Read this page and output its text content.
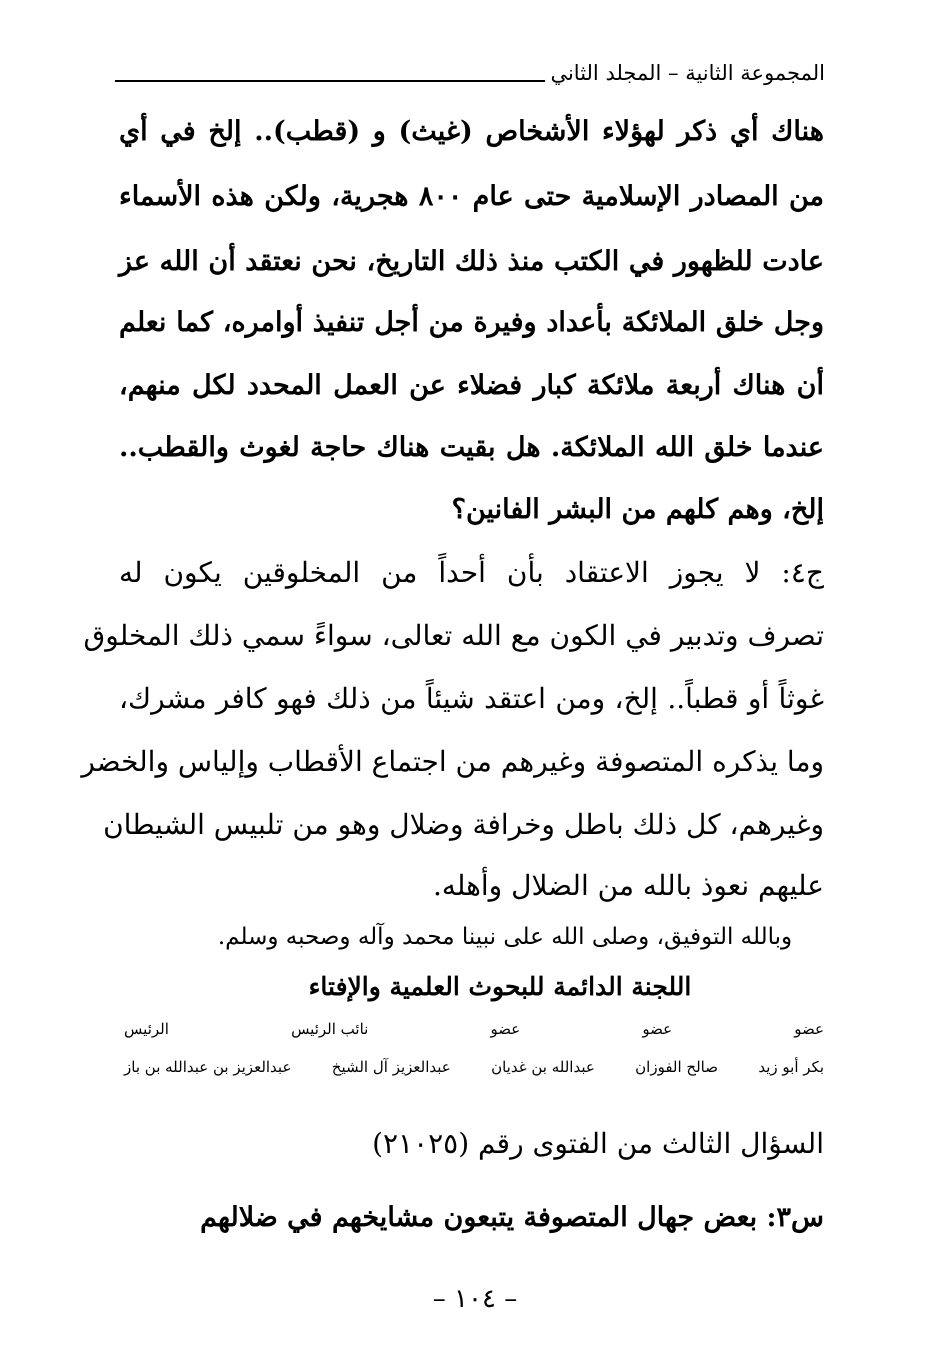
المجموعة الثانية – المجلد الثاني
هناك أي ذكر لهؤلاء الأشخاص (غيث) و (قطب).. إلخ في أي
من المصادر الإسلامية حتى عام ٨٠٠ هجرية، ولكن هذه الأسماء
عادت للظهور في الكتب منذ ذلك التاريخ، نحن نعتقد أن الله عز
وجل خلق الملائكة بأعداد وفيرة من أجل تنفيذ أوامره، كما نعلم
أن هناك أربعة ملائكة كبار فضلاء عن العمل المحدد لكل منهم،
عندما خلق الله الملائكة. هل بقيت هناك حاجة لغوث والقطب..
إلخ، وهم كلهم من البشر الفانين؟
ج٤: لا يجوز الاعتقاد بأن أحداً من المخلوقين يكون له
تصرف وتدبير في الكون مع الله تعالى، سواءً سمي ذلك المخلوق
غوثاً أو قطباً.. إلخ، ومن اعتقد شيئاً من ذلك فهو كافر مشرك،
وما يذكره المتصوفة وغيرهم من اجتماع الأقطاب وإلياس والخضر
وغيرهم، كل ذلك باطل وخرافة وضلال وهو من تلبيس الشيطان
عليهم نعوذ بالله من الضلال وأهله.
وبالله التوفيق، وصلى الله على نبينا محمد وآله وصحبه وسلم.
اللجنة الدائمة للبحوث العلمية والإفتاء
عضو
عضو
عضو
نائب الرئيس
الرئيس
بكر أبو زيد
صالح الفوزان
عبدالله بن غديان
عبدالعزيز آل الشيخ
عبدالعزيز بن عبدالله بن باز
السؤال الثالث من الفتوى رقم (٢١٠٢٥)
س٣: بعض جهال المتصوفة يتبعون مشايخهم في ضلالهم
– ١٠٤ –
